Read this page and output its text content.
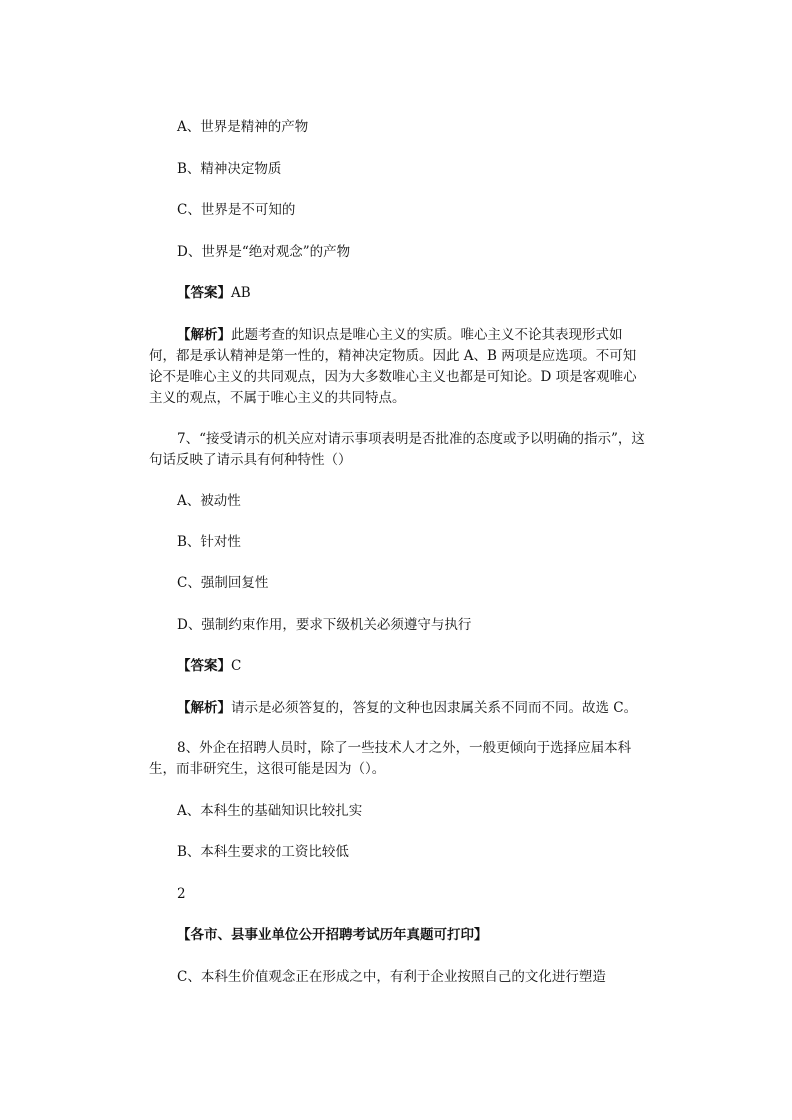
A、世界是精神的产物
B、精神决定物质
C、世界是不可知的
D、世界是“绝对观念”的产物
【答案】AB
【解析】此题考查的知识点是唯心主义的实质。唯心主义不论其表现形式如何，都是承认精神是第一性的，精神决定物质。因此 A、B 两项是应选项。不可知论不是唯心主义的共同观点，因为大多数唯心主义也都是可知论。D 项是客观唯心主义的观点，不属于唯心主义的共同特点。
7、“接受请示的机关应对请示事项表明是否批准的态度或予以明确的指示”，这句话反映了请示具有何种特性（）
A、被动性
B、针对性
C、强制回复性
D、强制约束作用，要求下级机关必须遵守与执行
【答案】C
【解析】请示是必须答复的，答复的文种也因隶属关系不同而不同。故选 C。
8、外企在招聘人员时，除了一些技术人才之外，一般更倾向于选择应届本科生，而非研究生，这很可能是因为（）。
A、本科生的基础知识比较扎实
B、本科生要求的工资比较低
2
【各市、县事业单位公开招聘考试历年真题可打印】
C、本科生价值观念正在形成之中，有利于企业按照自己的文化进行塑造
